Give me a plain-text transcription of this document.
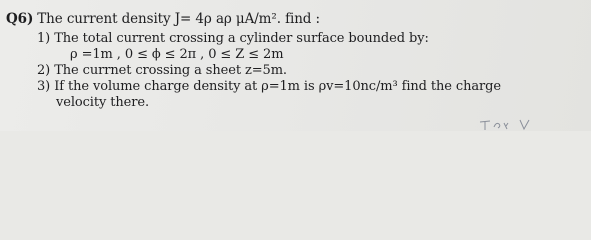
Q6) The current density J= 4ρ aρ μA/m². find :
1) The total current crossing a cylinder surface bounded by:
ρ =1m , 0 ≤ ϕ ≤ 2π , 0 ≤ Z ≤ 2m
2) The currnet crossing a sheet z=5m.
3) If the volume charge density at ρ=1m is ρv=10nc/m³ find the charge
velocity there.
